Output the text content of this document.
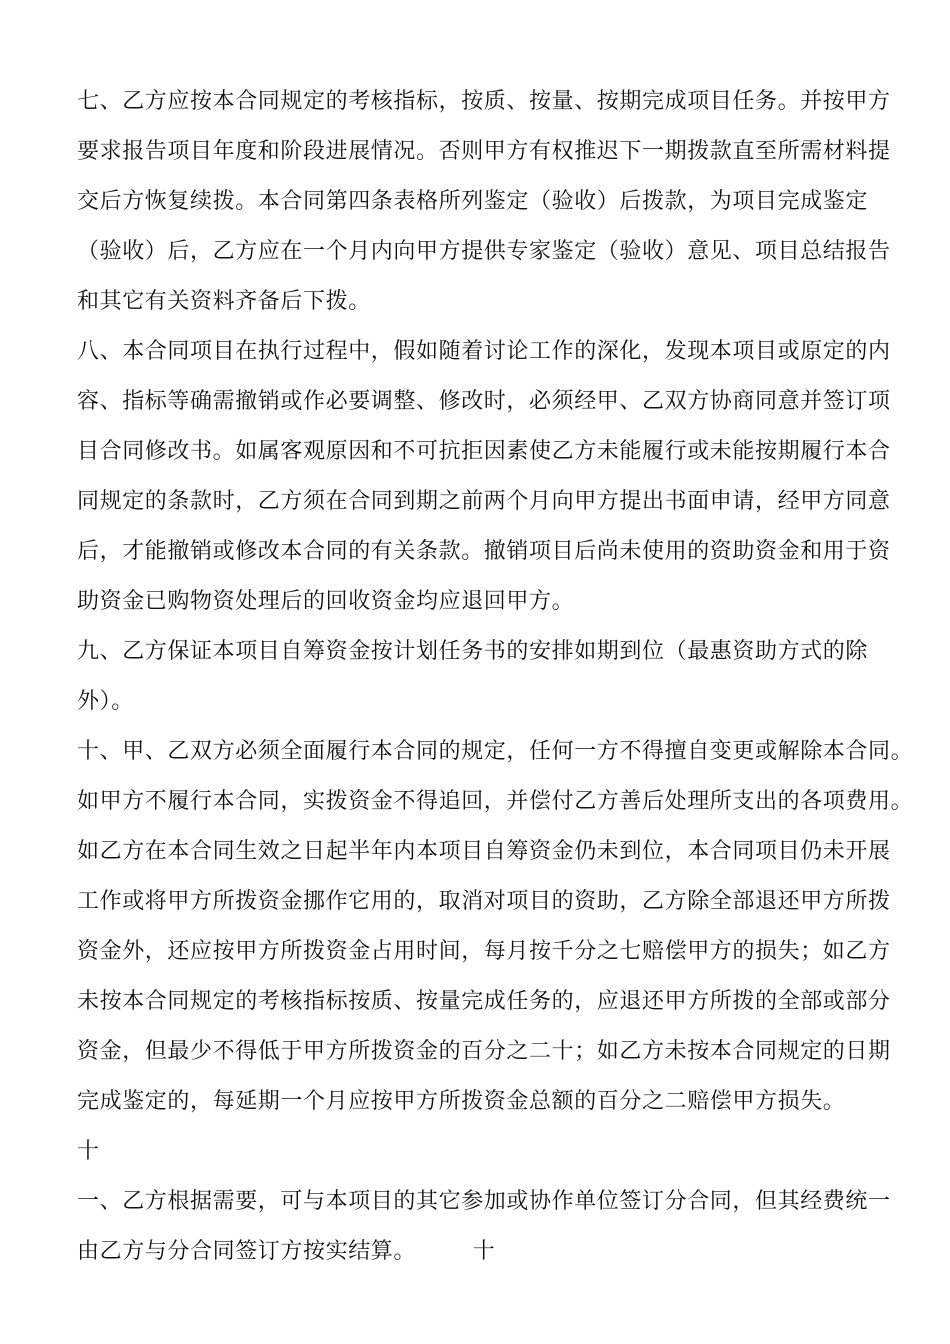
七、乙方应按本合同规定的考核指标，按质、按量、按期完成项目任务。并按甲方
要求报告项目年度和阶段进展情况。否则甲方有权推迟下一期拨款直至所需材料提
交后方恢复续拨。本合同第四条表格所列鉴定（验收）后拨款，为项目完成鉴定
（验收）后，乙方应在一个月内向甲方提供专家鉴定（验收）意见、项目总结报告
和其它有关资料齐备后下拨。
八、本合同项目在执行过程中，假如随着讨论工作的深化，发现本项目或原定的内
容、指标等确需撤销或作必要调整、修改时，必须经甲、乙双方协商同意并签订项
目合同修改书。如属客观原因和不可抗拒因素使乙方未能履行或未能按期履行本合
同规定的条款时，乙方须在合同到期之前两个月向甲方提出书面申请，经甲方同意
后，才能撤销或修改本合同的有关条款。撤销项目后尚未使用的资助资金和用于资
助资金已购物资处理后的回收资金均应退回甲方。
九、乙方保证本项目自筹资金按计划任务书的安排如期到位（最惠资助方式的除
外）。
十、甲、乙双方必须全面履行本合同的规定，任何一方不得擅自变更或解除本合同。
如甲方不履行本合同，实拨资金不得追回，并偿付乙方善后处理所支出的各项费用。
如乙方在本合同生效之日起半年内本项目自筹资金仍未到位，本合同项目仍未开展
工作或将甲方所拨资金挪作它用的，取消对项目的资助，乙方除全部退还甲方所拨
资金外，还应按甲方所拨资金占用时间，每月按千分之七赔偿甲方的损失；如乙方
未按本合同规定的考核指标按质、按量完成任务的，应退还甲方所拨的全部或部分
资金，但最少不得低于甲方所拨资金的百分之二十；如乙方未按本合同规定的日期
完成鉴定的，每延期一个月应按甲方所拨资金总额的百分之二赔偿甲方损失。
十
一、乙方根据需要，可与本项目的其它参加或协作单位签订分合同，但其经费统一
由乙方与分合同签订方按实结算。　　　十
